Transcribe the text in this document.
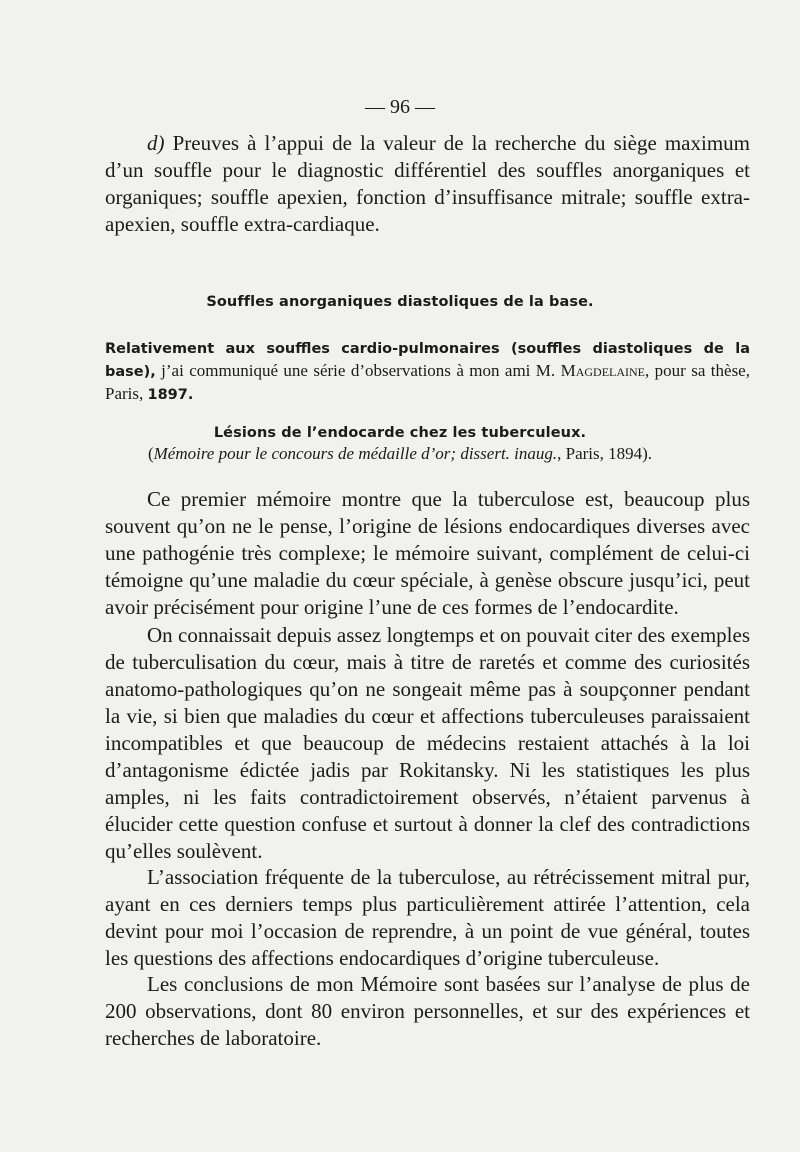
— 96 —

d) Preuves à l’appui de la valeur de la recherche du siège maximum d’un souffle pour le diagnostic différentiel des souffles anorganiques et organiques; souffle apexien, fonction d’insuffisance mitrale; souffle extra-apexien, souffle extra-cardiaque.

Souffles anorganiques diastoliques de la base.
Relativement aux souffles cardio-pulmonaires (souffles diastoliques de la base), j’ai communiqué une série d’observations à mon ami M. Magdelaine, pour sa thèse, Paris, 1897.
Lésions de l’endocarde chez les tuberculeux.
(Mémoire pour le concours de médaille d’or; dissert. inaug., Paris, 1894).

Ce premier mémoire montre que la tuberculose est, beaucoup plus souvent qu’on ne le pense, l’origine de lésions endocardiques diverses avec une pathogénie très complexe; le mémoire suivant, complément de celui-ci témoigne qu’une maladie du cœur spéciale, à genèse obscure jusqu’ici, peut avoir précisément pour origine l’une de ces formes de l’endocardite.

On connaissait depuis assez longtemps et on pouvait citer des exemples de tuberculisation du cœur, mais à titre de raretés et comme des curiosités anatomo-pathologiques qu’on ne songeait même pas à soupçonner pendant la vie, si bien que maladies du cœur et affections tuberculeuses paraissaient incompatibles et que beaucoup de médecins restaient attachés à la loi d’antagonisme édictée jadis par Rokitansky. Ni les statistiques les plus amples, ni les faits contradictoirement observés, n’étaient parvenus à élucider cette question confuse et surtout à donner la clef des contradictions qu’elles soulèvent.

L’association fréquente de la tuberculose, au rétrécissement mitral pur, ayant en ces derniers temps plus particulièrement attirée l’attention, cela devint pour moi l’occasion de reprendre, à un point de vue général, toutes les questions des affections endocardiques d’origine tuberculeuse.

Les conclusions de mon Mémoire sont basées sur l’analyse de plus de 200 observations, dont 80 environ personnelles, et sur des expériences et recherches de laboratoire.
